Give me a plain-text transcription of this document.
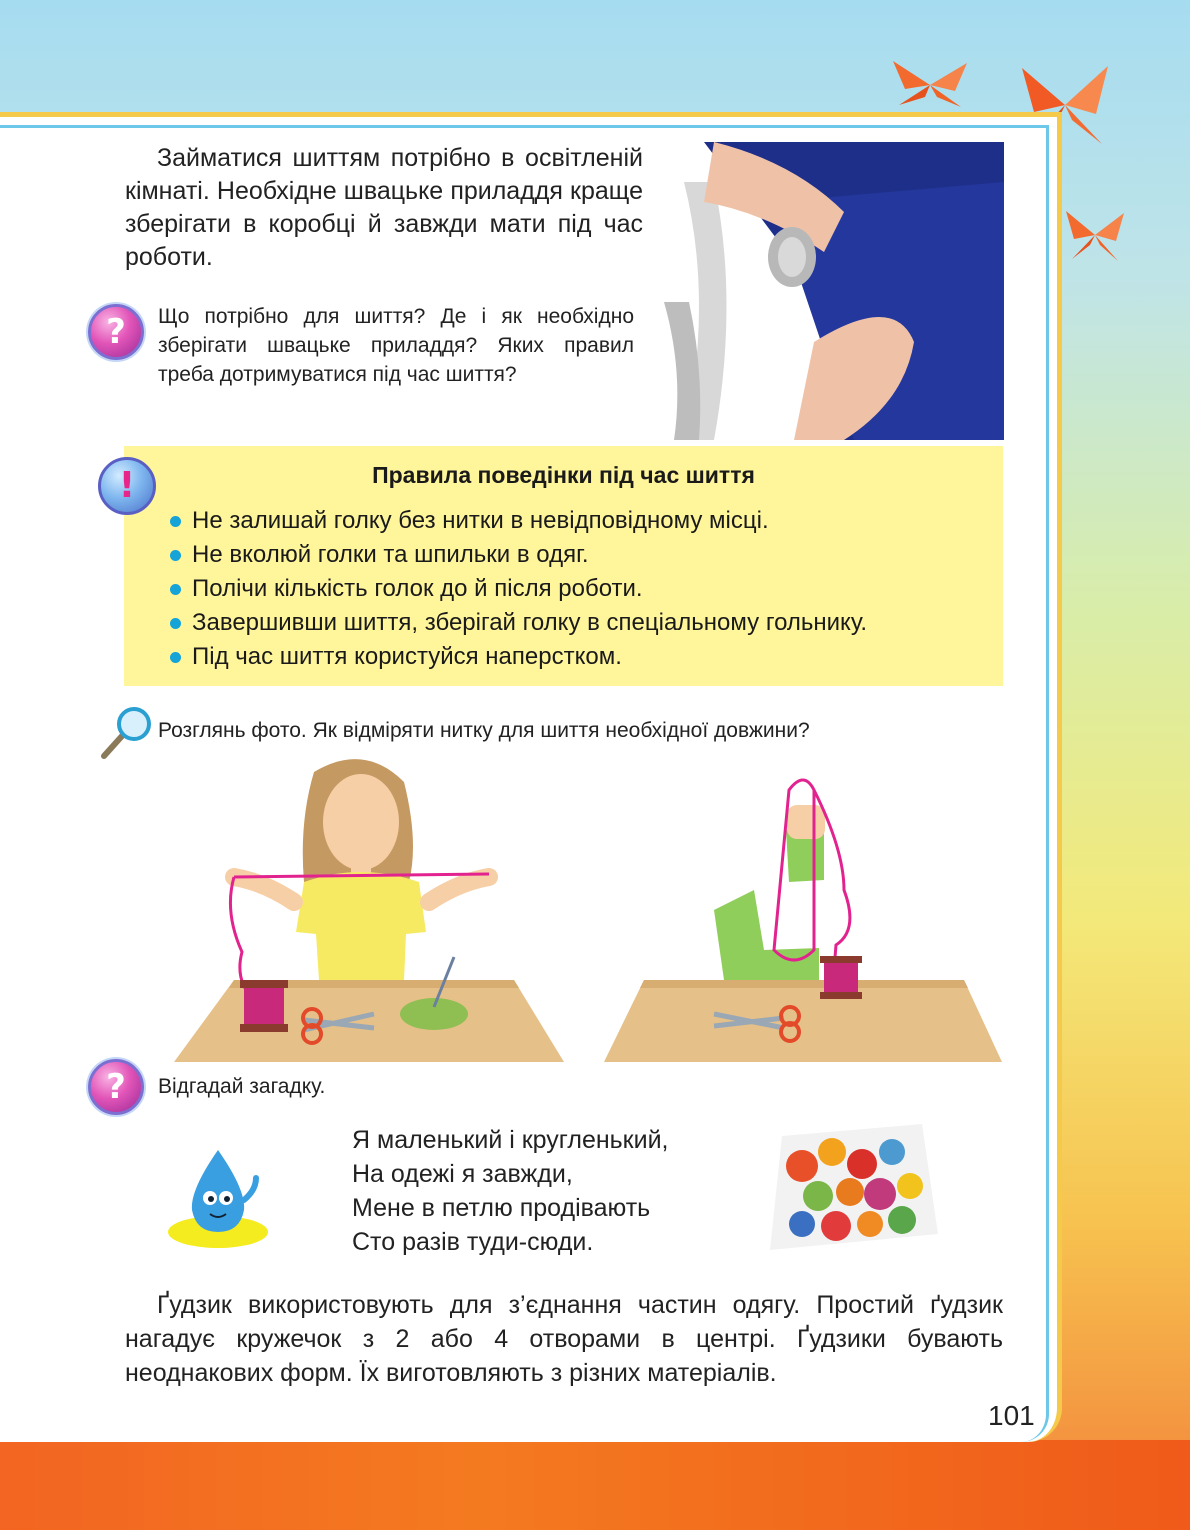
Займатися шиттям потрібно в освітленій кімнаті. Необхідне швацьке приладдя краще зберігати в коробці й завжди мати під час роботи.
?	Що потрібно для шиття? Де і як необхідно зберігати швацьке приладдя? Яких правил треба дотримуватися під час шиття?
Правила поведінки під час шиття
Не залишай голку без нитки в невідповідному місці.
Не вколюй голки та шпильки в одяг.
Полічи кількість голок до й після роботи.
Завершивши шиття, зберігай голку в спеціальному гольнику.
Під час шиття користуйся наперстком.
!
Розглянь фото. Як відміряти нитку для шиття необхідної довжини?
?	Відгадай загадку.
Я маленький і кругленький,
На одежі я завжди,
Мене в петлю продівають
Сто разів туди-сюди.
Ґудзик використовують для з’єднання частин одягу. Простий ґудзик нагадує кружечок з 2 або 4 отворами в центрі. Ґудзики бувають неоднакових форм. Їх виготовляють з різних матеріалів.
101
